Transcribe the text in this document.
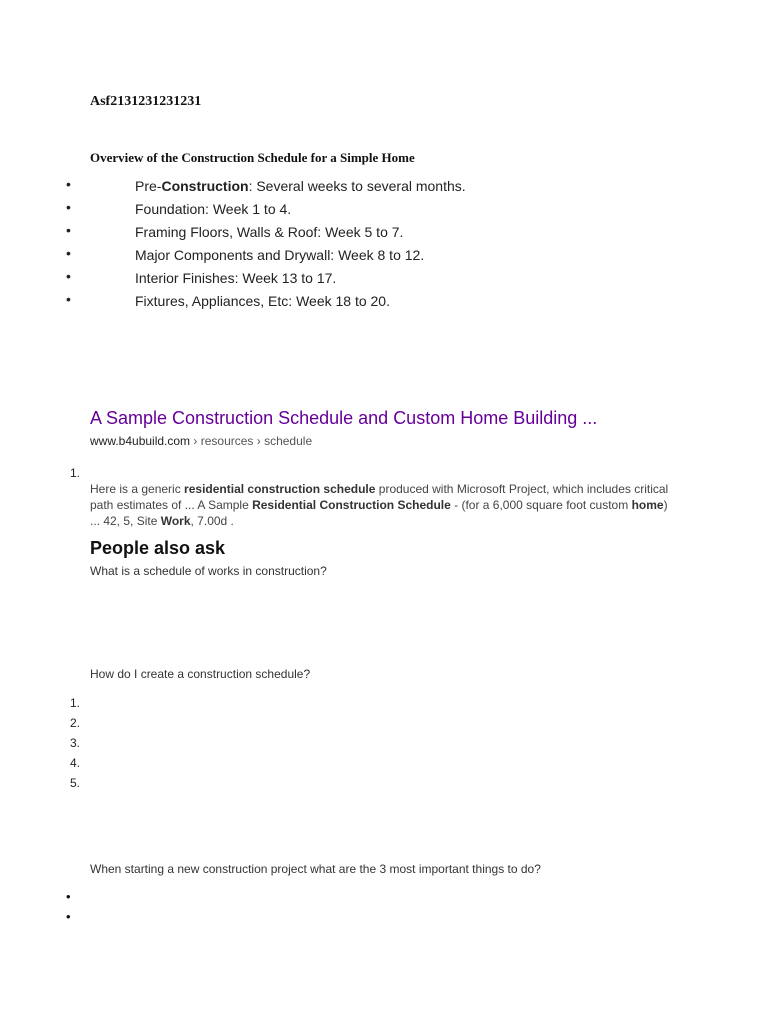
Asf2131231231231
Overview of the Construction Schedule for a Simple Home
•	Pre-Construction: Several weeks to several months.
•	Foundation: Week 1 to 4.
•	Framing Floors, Walls & Roof: Week 5 to 7.
•	Major Components and Drywall: Week 8 to 12.
•	Interior Finishes: Week 13 to 17.
•	Fixtures, Appliances, Etc: Week 18 to 20.
A Sample Construction Schedule and Custom Home Building ...
www.b4ubuild.com › resources › schedule
1.
Here is a generic residential construction schedule produced with Microsoft Project, which includes critical path estimates of ... A Sample Residential Construction Schedule - (for a 6,000 square foot custom home) ... 42, 5, Site Work, 7.00d .
People also ask
What is a schedule of works in construction?
How do I create a construction schedule?
1.
2.
3.
4.
5.
When starting a new construction project what are the 3 most important things to do?
•
•
